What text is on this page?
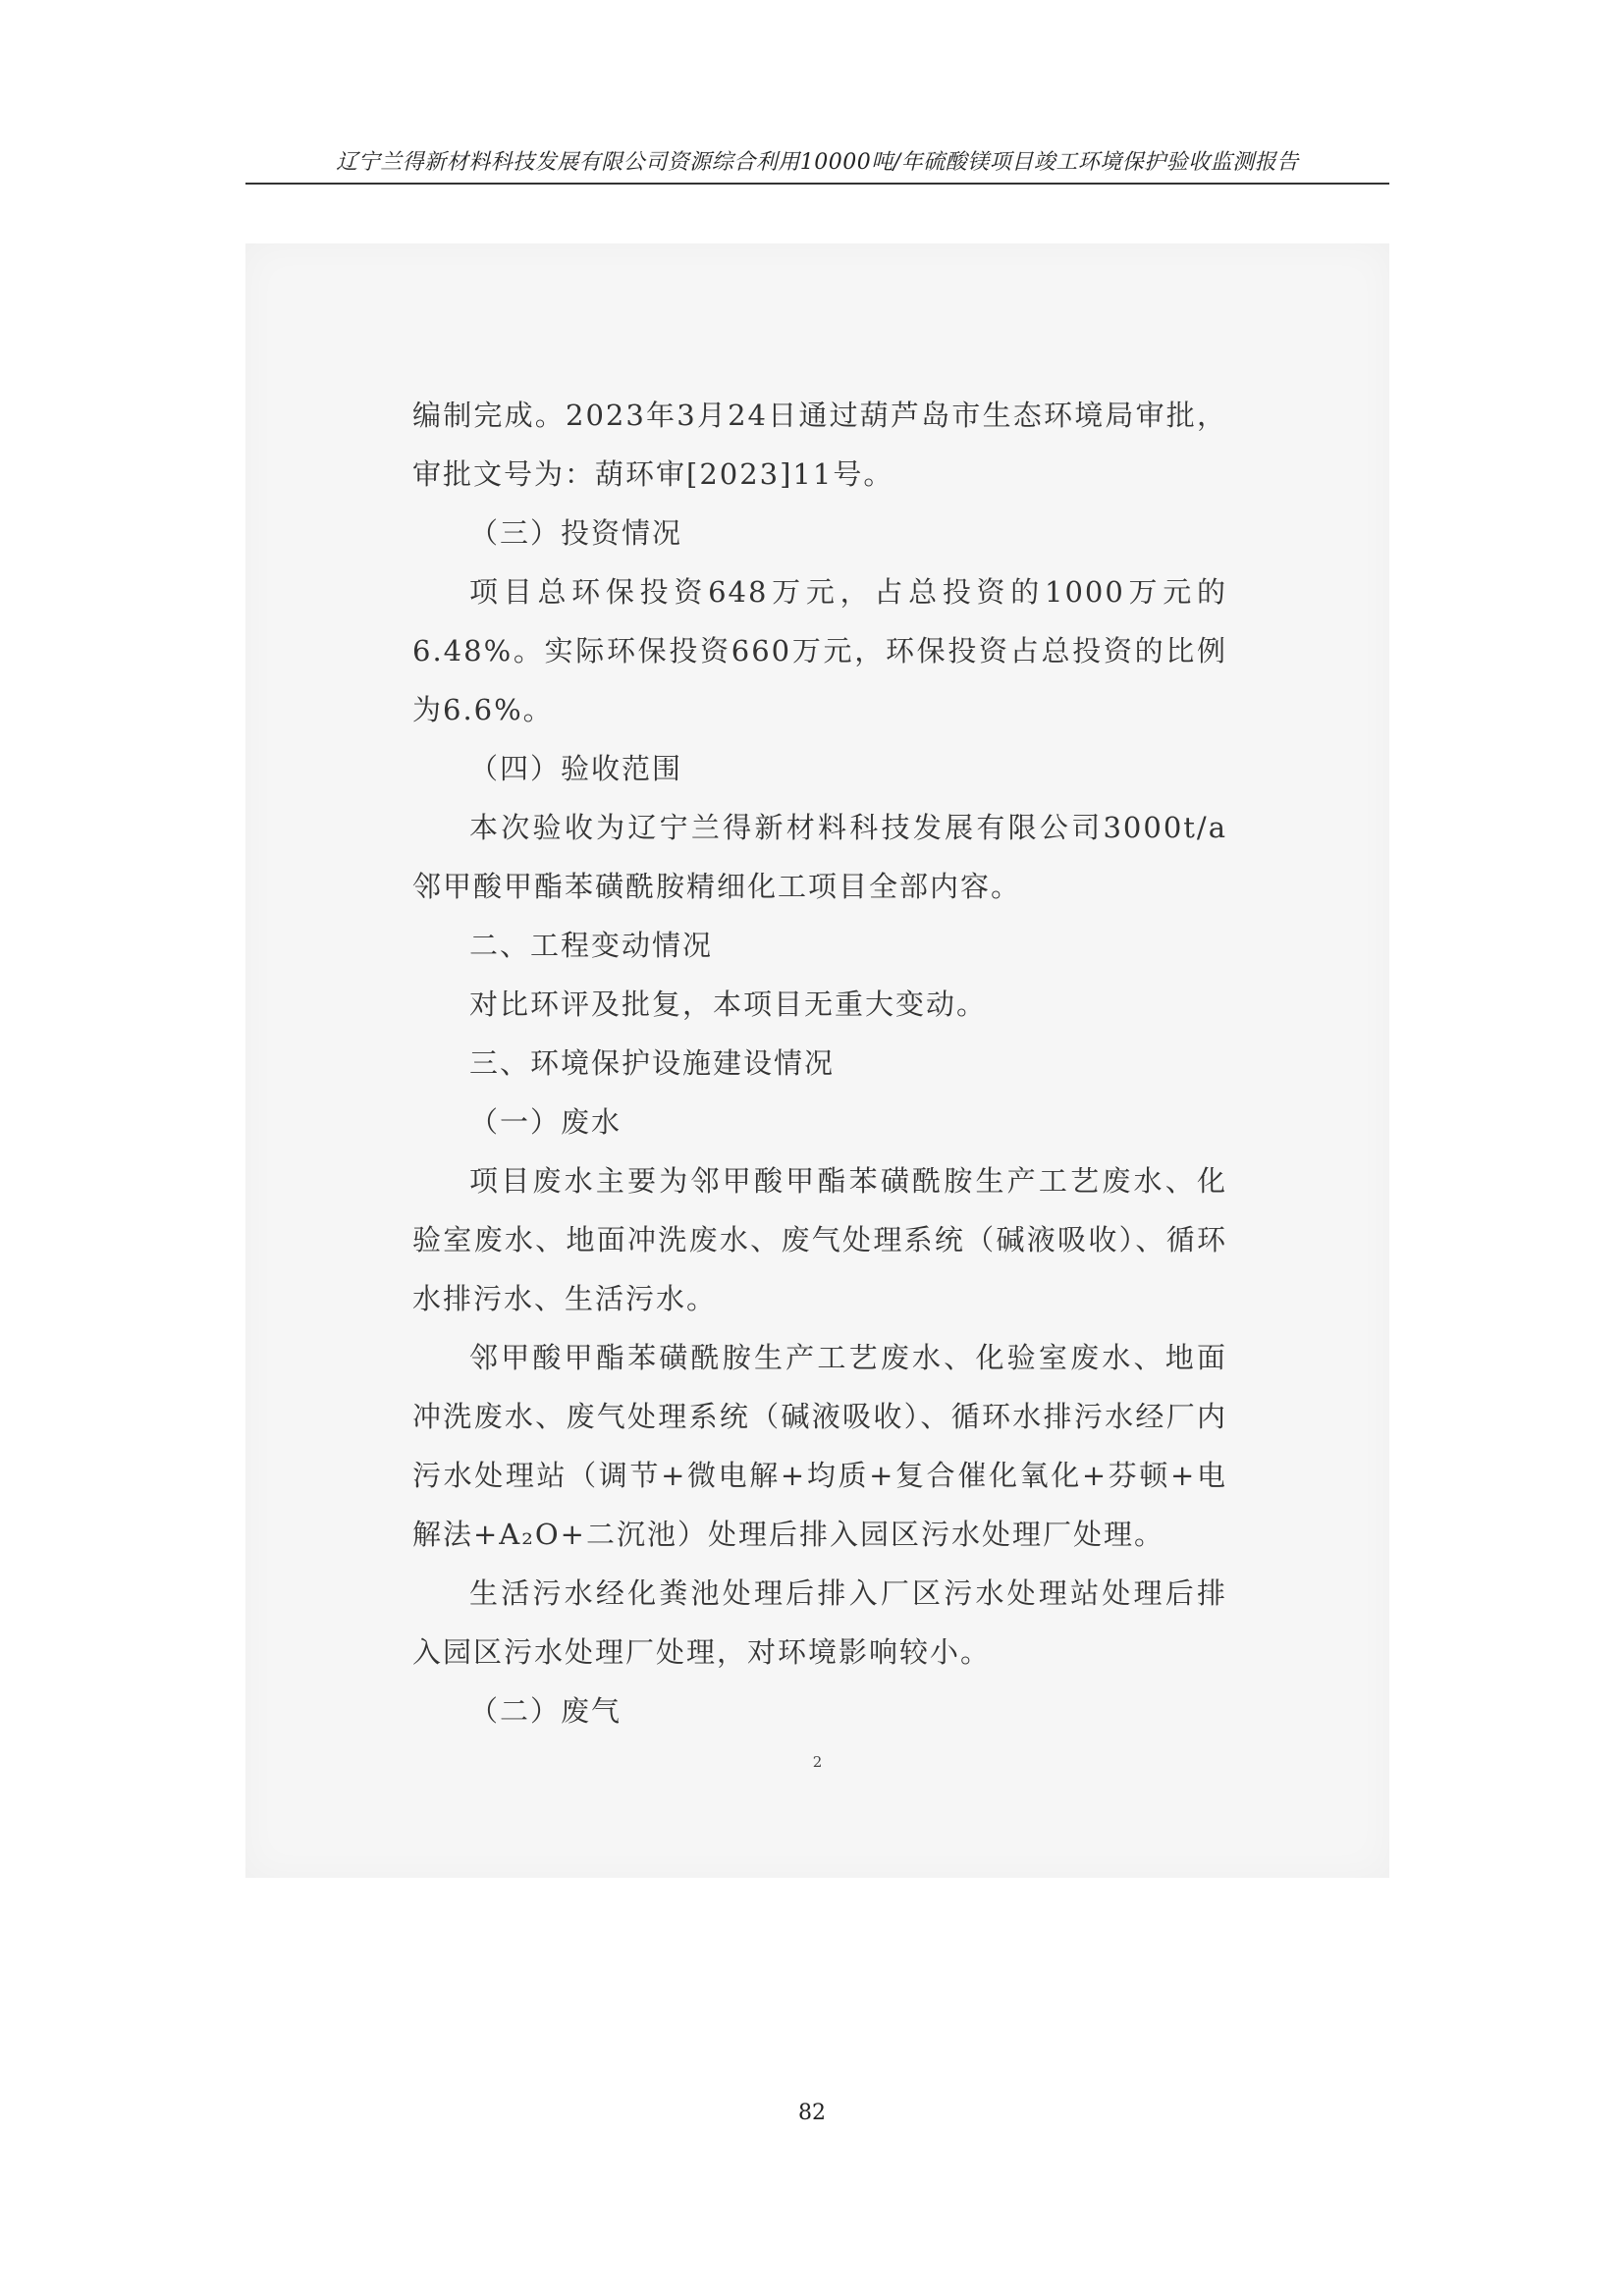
辽宁兰得新材料科技发展有限公司资源综合利用10000吨/年硫酸镁项目竣工环境保护验收监测报告

编制完成。2023年3月24日通过葫芦岛市生态环境局审批，审批文号为：葫环审[2023]11号。

（三）投资情况

项目总环保投资648万元，占总投资的1000万元的6.48%。实际环保投资660万元，环保投资占总投资的比例为6.6%。

（四）验收范围

本次验收为辽宁兰得新材料科技发展有限公司3000t/a邻甲酸甲酯苯磺酰胺精细化工项目全部内容。

二、工程变动情况

对比环评及批复，本项目无重大变动。

三、环境保护设施建设情况

（一）废水

项目废水主要为邻甲酸甲酯苯磺酰胺生产工艺废水、化验室废水、地面冲洗废水、废气处理系统（碱液吸收）、循环水排污水、生活污水。

邻甲酸甲酯苯磺酰胺生产工艺废水、化验室废水、地面冲洗废水、废气处理系统（碱液吸收）、循环水排污水经厂内污水处理站（调节+微电解+均质+复合催化氧化+芬顿+电解法+A₂O+二沉池）处理后排入园区污水处理厂处理。

生活污水经化粪池处理后排入厂区污水处理站处理后排入园区污水处理厂处理，对环境影响较小。

（二）废气

2
82
